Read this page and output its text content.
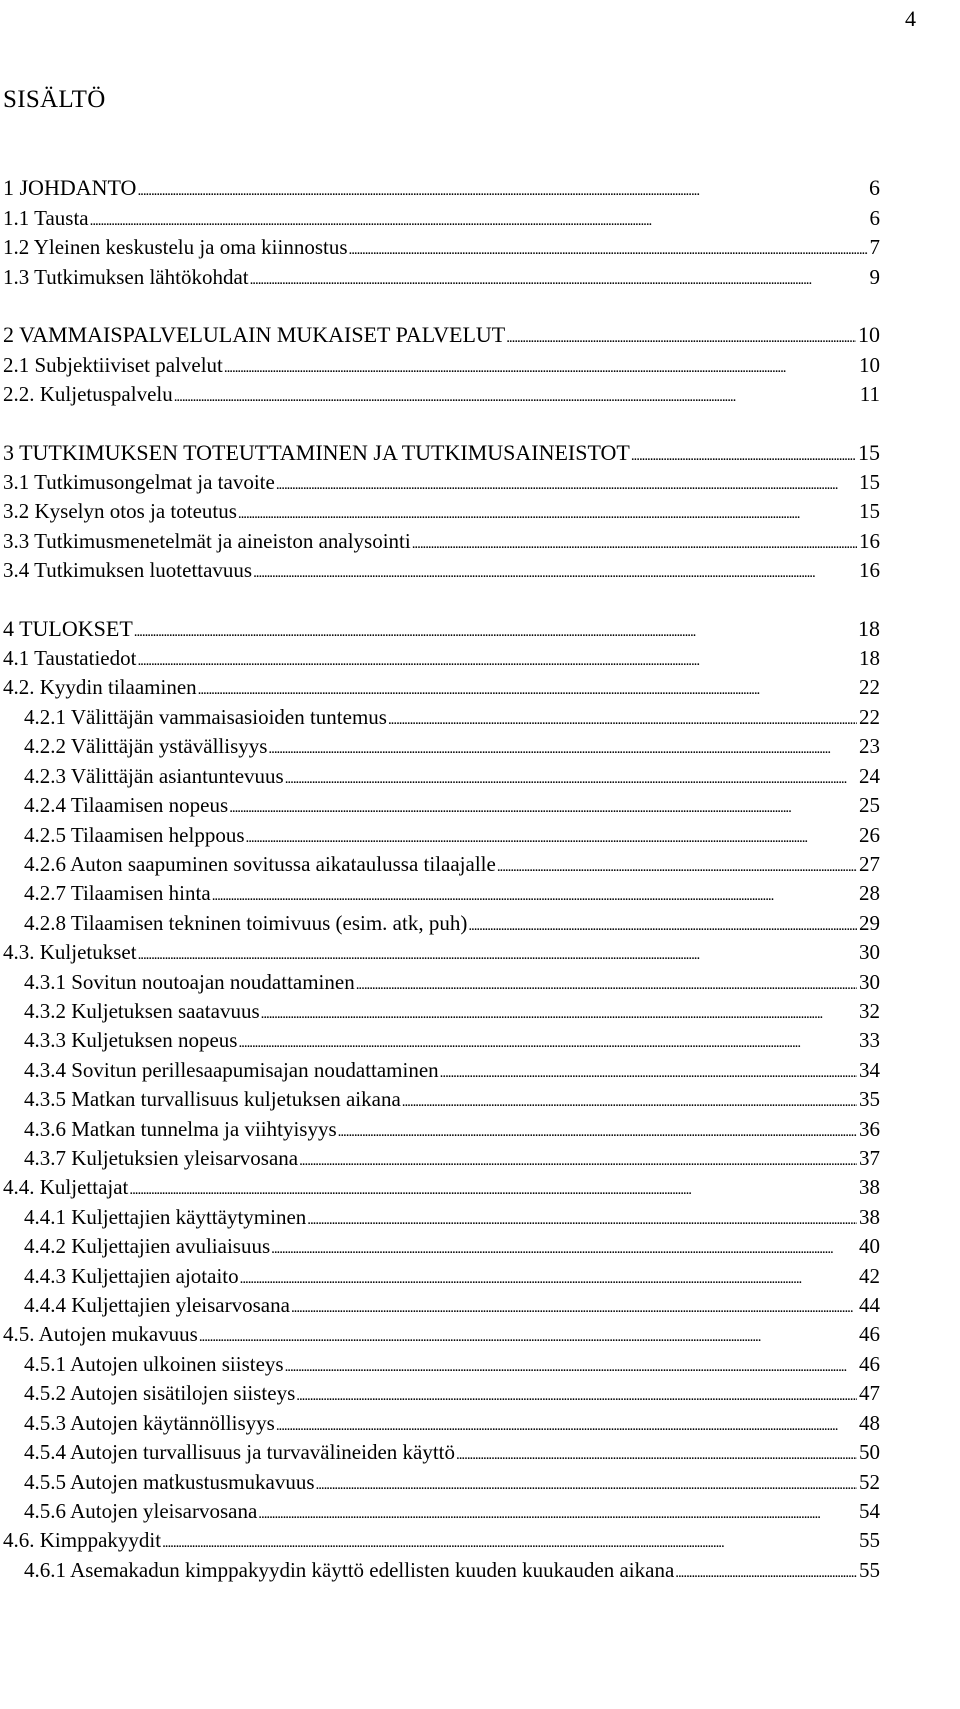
4
SISÄLTÖ
1 JOHDANTO . . .	6
1.1 Tausta . . .	6
1.2 Yleinen keskustelu ja oma kiinnostus . . .	7
1.3 Tutkimuksen lähtökohdat . . .	9
2 VAMMAISPALVELULAIN MUKAISET PALVELUT . . .	10
2.1 Subjektiiviset palvelut . . .	10
2.2. Kuljetuspalvelu . . .	11
3 TUTKIMUKSEN TOTEUTTAMINEN JA TUTKIMUSAINEISTOT . . .	15
3.1 Tutkimusongelmat ja tavoite . . .	15
3.2 Kyselyn otos ja toteutus . . .	15
3.3 Tutkimusmenetelmät ja aineiston analysointi . . .	16
3.4 Tutkimuksen luotettavuus . . .	16
4 TULOKSET . . .	18
4.1 Taustatiedot . . .	18
4.2. Kyydin tilaaminen . . .	22
4.2.1 Välittäjän vammaisasioiden tuntemus . . .	22
4.2.2 Välittäjän ystävällisyys . . .	23
4.2.3 Välittäjän asiantuntevuus . . .	24
4.2.4 Tilaamisen nopeus . . .	25
4.2.5 Tilaamisen helppous . . .	26
4.2.6 Auton saapuminen sovitussa aikataulussa tilaajalle . . .	27
4.2.7 Tilaamisen hinta . . .	28
4.2.8 Tilaamisen tekninen toimivuus (esim. atk, puh) . . .	29
4.3. Kuljetukset . . .	30
4.3.1 Sovitun noutoajan noudattaminen . . .	30
4.3.2 Kuljetuksen saatavuus . . .	32
4.3.3 Kuljetuksen nopeus . . .	33
4.3.4 Sovitun perillesaapumisajan noudattaminen . . .	34
4.3.5 Matkan turvallisuus kuljetuksen aikana . . .	35
4.3.6 Matkan tunnelma ja viihtyisyys . . .	36
4.3.7 Kuljetuksien yleisarvosana . . .	37
4.4. Kuljettajat . . .	38
4.4.1 Kuljettajien käyttäytyminen . . .	38
4.4.2 Kuljettajien avuliaisuus . . .	40
4.4.3 Kuljettajien ajotaito . . .	42
4.4.4 Kuljettajien yleisarvosana . . .	44
4.5. Autojen mukavuus . . .	46
4.5.1 Autojen ulkoinen siisteys . . .	46
4.5.2 Autojen sisätilojen siisteys . . .	47
4.5.3 Autojen käytännöllisyys . . .	48
4.5.4 Autojen turvallisuus ja turvavälineiden käyttö . . .	50
4.5.5 Autojen matkustusmukavuus . . .	52
4.5.6 Autojen yleisarvosana . . .	54
4.6. Kimppakyydit . . .	55
4.6.1 Asemakadun kimppakyydin käyttö edellisten kuuden kuukauden aikana . . .	55
